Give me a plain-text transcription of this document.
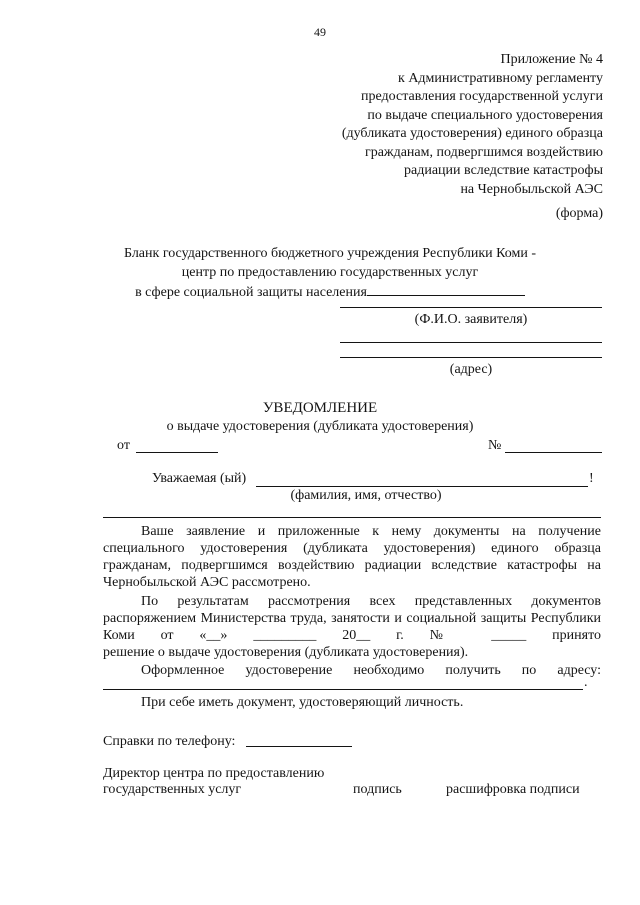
49
Приложение № 4
к Административному регламенту
предоставления государственной услуги
по выдаче специального удостоверения
(дубликата удостоверения) единого образца
гражданам, подвергшимся воздействию
радиации вследствие катастрофы
на Чернобыльской АЭС
(форма)
Бланк государственного бюджетного учреждения Республики Коми -
центр по предоставлению государственных услуг
в сфере социальной защиты населения
(Ф.И.О. заявителя)
(адрес)
УВЕДОМЛЕНИЕ
о выдаче удостоверения (дубликата удостоверения)
от	№
Уважаемая (ый)	!
(фамилия, имя, отчество)

Ваше заявление и приложенные к нему документы на получение специального удостоверения (дубликата удостоверения) единого образца гражданам, подвергшимся воздействию радиации вследствие катастрофы на Чернобыльской АЭС рассмотрено.

По результатам рассмотрения всех представленных документов распоряжением Министерства труда, занятости и социальной защиты Республики Коми от «__» _________ 20__ г. № _____ принято

решение о выдаче удостоверения (дубликата удостоверения).

Оформленное удостоверение необходимо получить по адресу:

.
При себе иметь документ, удостоверяющий личность.
Справки по телефону:
Директор центра по предоставлению
государственных услуг	подпись	расшифровка подписи
